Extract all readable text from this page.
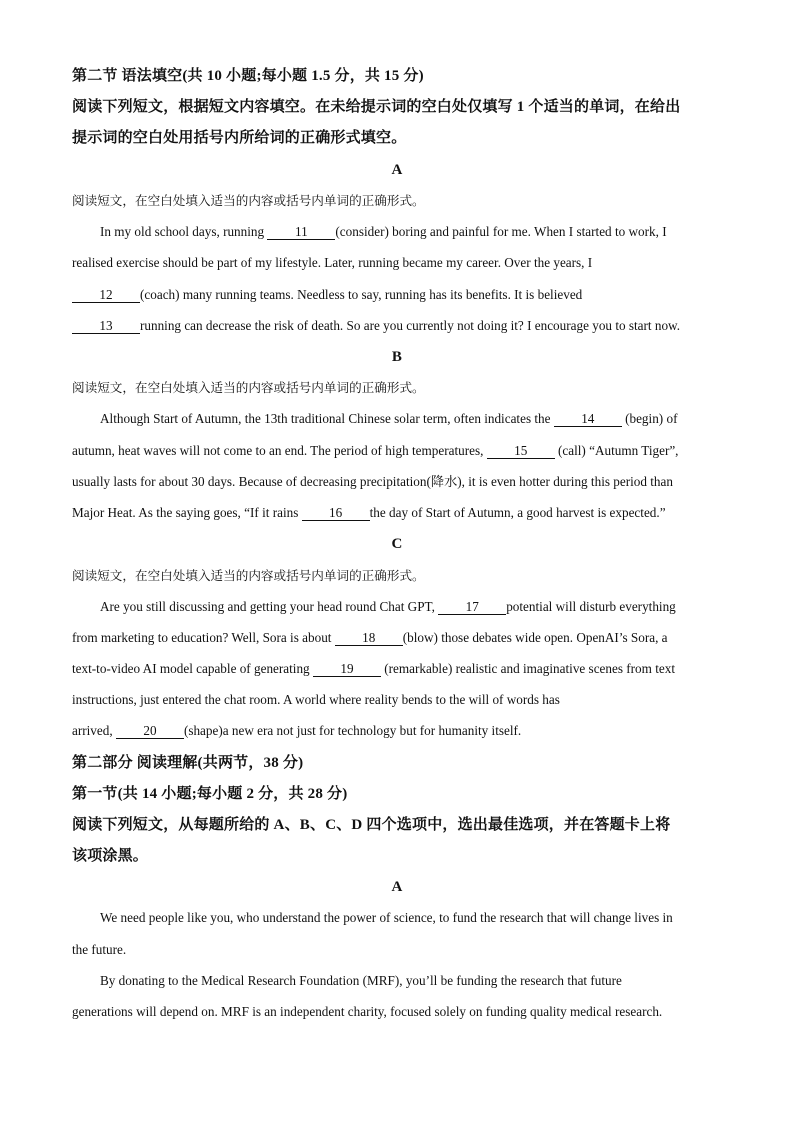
第二节 语法填空(共 10 小题;每小题 1.5 分，共 15 分)
阅读下列短文，根据短文内容填空。在未给提示词的空白处仅填写 1 个适当的单词，在给出
提示词的空白处用括号内所给词的正确形式填空。
A
阅读短文，在空白处填入适当的内容或括号内单词的正确形式。
In my old school days, running 11 (consider) boring and painful for me. When I started to work, I
realised exercise should be part of my lifestyle. Later, running became my career. Over the years, I
12 (coach) many running teams. Needless to say, running has its benefits. It is believed
13 running can decrease the risk of death. So are you currently not doing it? I encourage you to start now.
B
阅读短文，在空白处填入适当的内容或括号内单词的正确形式。
Although Start of Autumn, the 13th traditional Chinese solar term, often indicates the 14 (begin) of
autumn, heat waves will not come to an end. The period of high temperatures, 15 (call) “Autumn Tiger”,
usually lasts for about 30 days. Because of decreasing precipitation(降水), it is even hotter during this period than
Major Heat. As the saying goes, “If it rains 16 the day of Start of Autumn, a good harvest is expected.”
C
阅读短文，在空白处填入适当的内容或括号内单词的正确形式。
Are you still discussing and getting your head round Chat GPT, 17 potential will disturb everything
from marketing to education? Well, Sora is about 18 (blow) those debates wide open. OpenAI’s Sora, a
text-to-video AI model capable of generating 19 (remarkable) realistic and imaginative scenes from text
instructions, just entered the chat room. A world where reality bends to the will of words has
arrived, 20 (shape)a new era not just for technology but for humanity itself.
第二部分 阅读理解(共两节，38 分)
第一节(共 14 小题;每小题 2 分，共 28 分)
阅读下列短文，从每题所给的 A、B、C、D 四个选项中，选出最佳选项，并在答题卡上将
该项涂黑。
A
We need people like you, who understand the power of science, to fund the research that will change lives in
the future.
By donating to the Medical Research Foundation (MRF), you’ll be funding the research that future
generations will depend on. MRF is an independent charity, focused solely on funding quality medical research.
